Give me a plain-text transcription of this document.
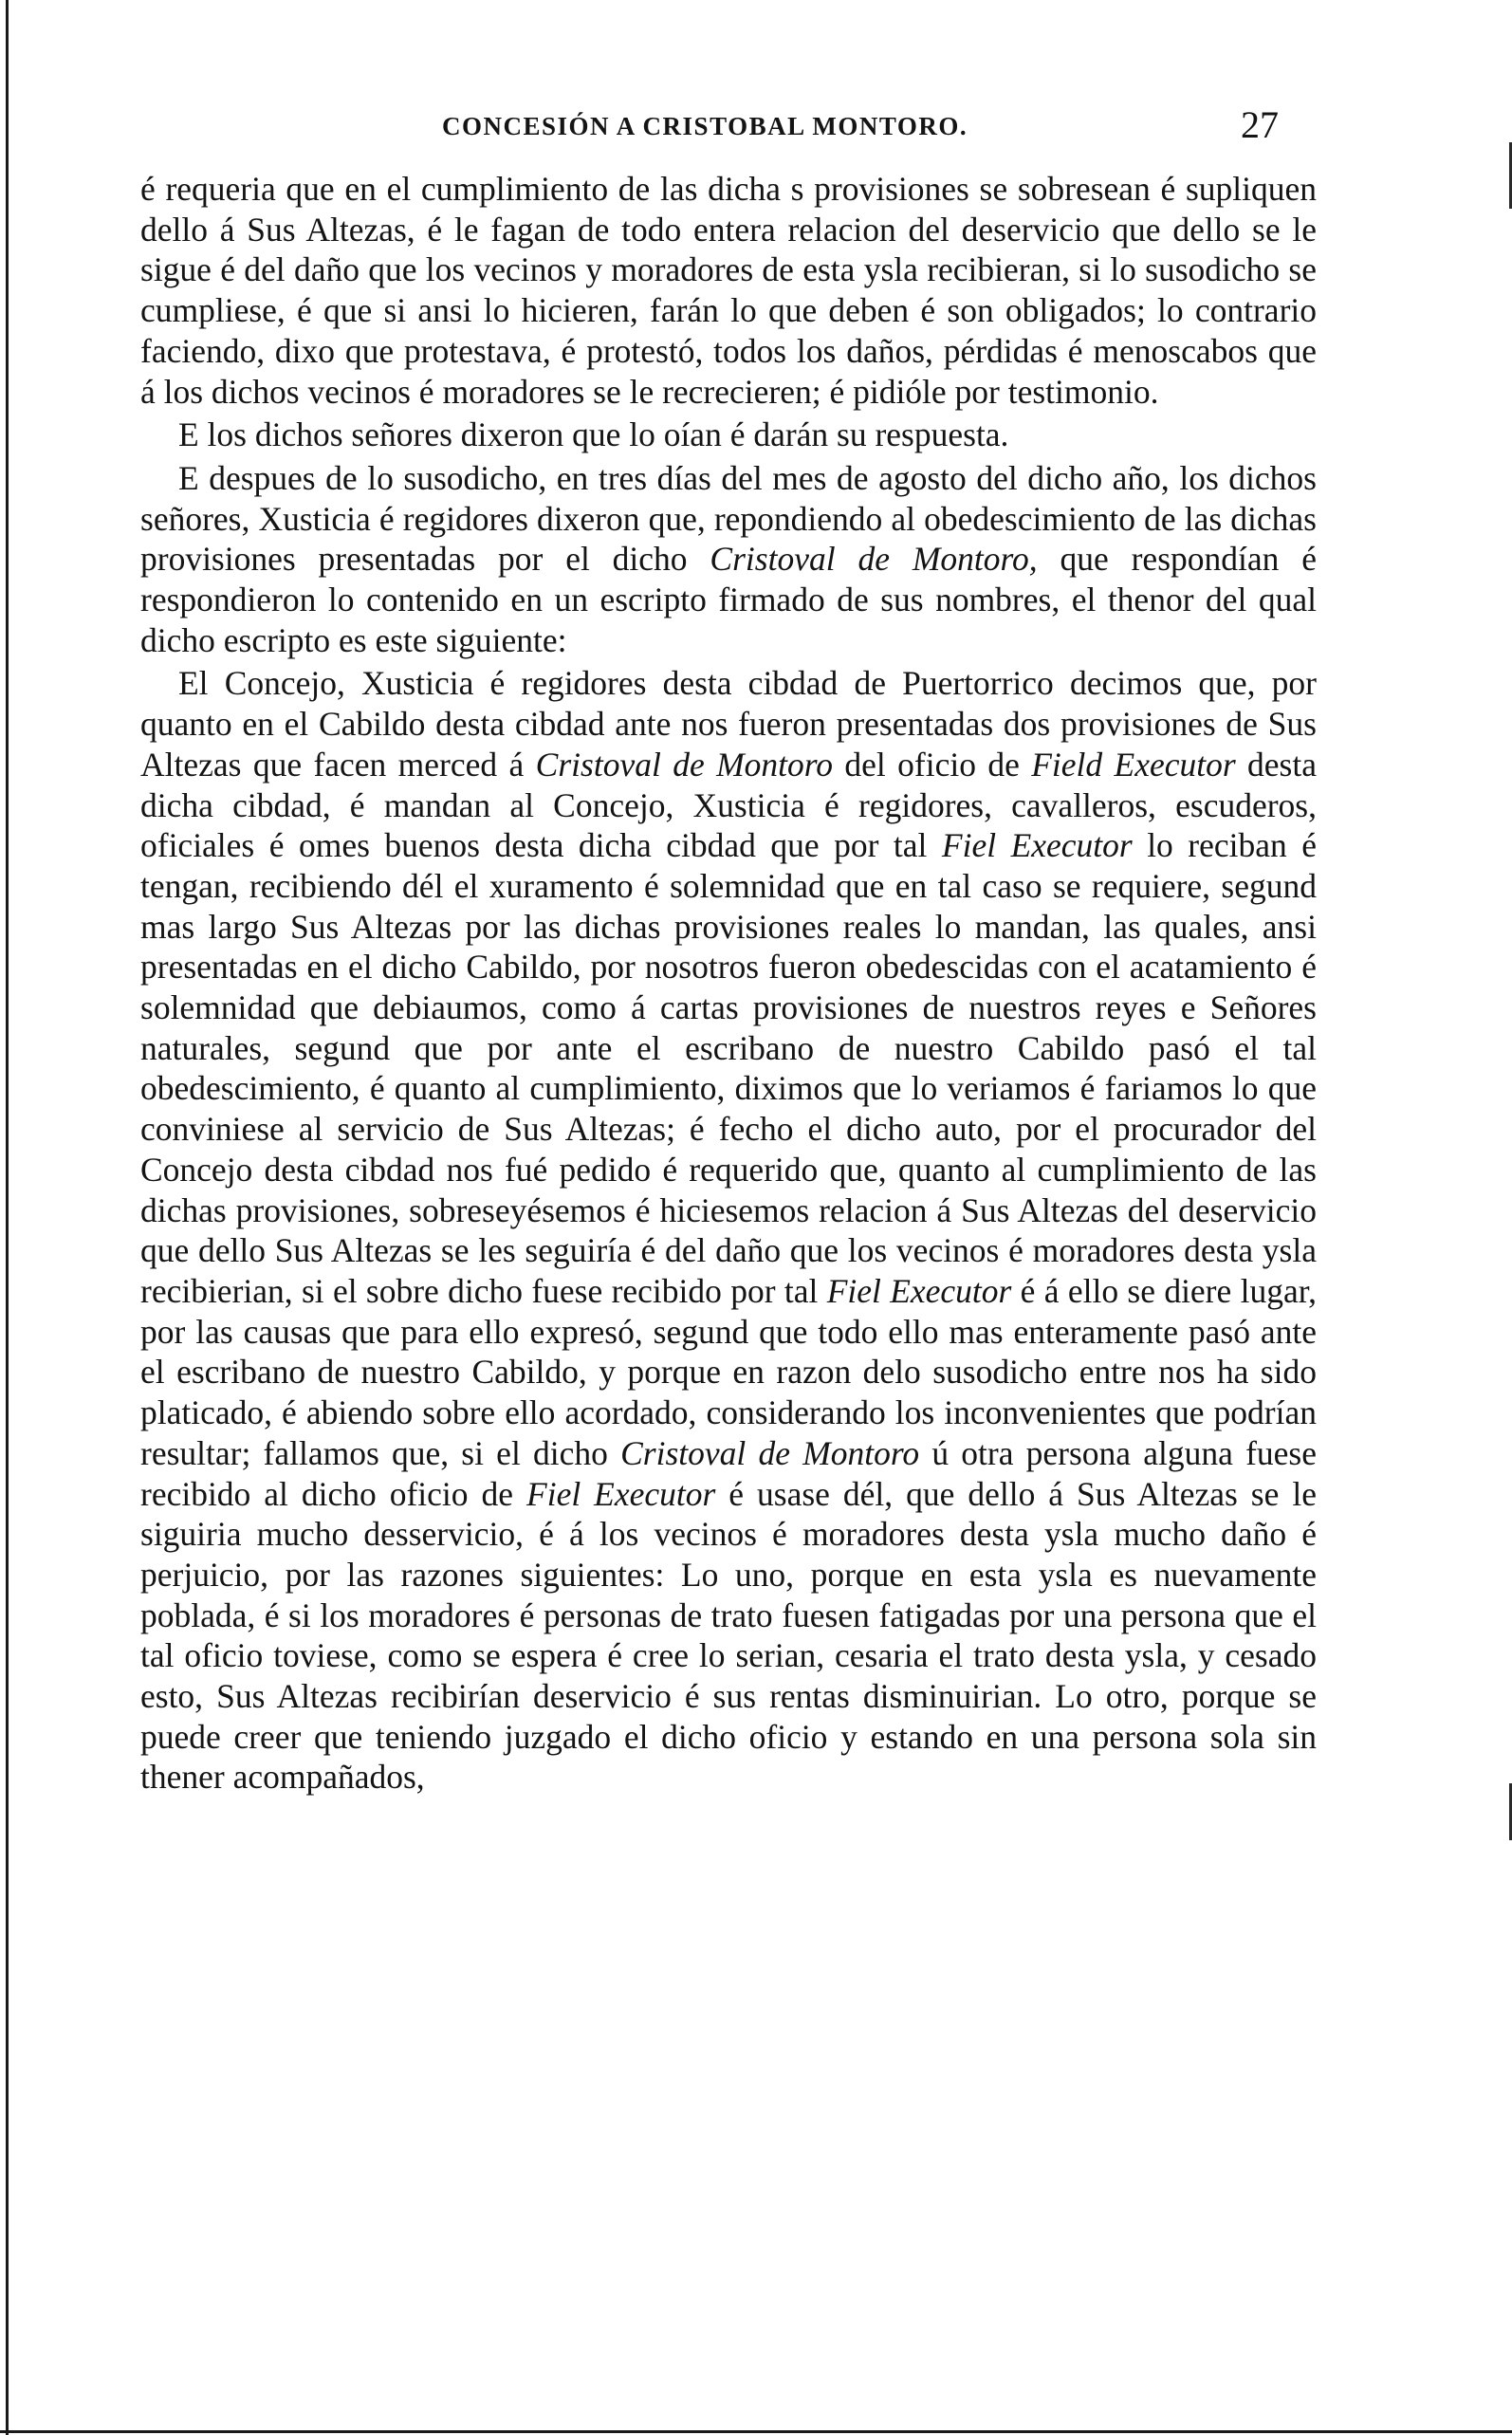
CONCESIÓN A CRISTOBAL MONTORO.	27

é requeria que en el cumplimiento de las dicha s provisiones se sobresean é supliquen dello á Sus Altezas, é le fagan de todo entera relacion del deservicio que dello se le sigue é del daño que los vecinos y moradores de esta ysla recibieran, si lo susodicho se cumpliese, é que si ansi lo hicieren, farán lo que deben é son obligados; lo contrario faciendo, dixo que protestava, é protestó, todos los daños, pérdidas é menoscabos que á los dichos vecinos é moradores se le recrecieren; é pidióle por testimonio.

E los dichos señores dixeron que lo oían é darán su respuesta.

E despues de lo susodicho, en tres días del mes de agosto del dicho año, los dichos señores, Xusticia é regidores dixeron que, repondiendo al obedescimiento de las dichas provisiones presentadas por el dicho Cristoval de Montoro, que respondían é respondieron lo contenido en un escripto firmado de sus nombres, el thenor del qual dicho escripto es este siguiente:

El Concejo, Xusticia é regidores desta cibdad de Puertorrico decimos que, por quanto en el Cabildo desta cibdad ante nos fueron presentadas dos provisiones de Sus Altezas que facen merced á Cristoval de Montoro del oficio de Field Executor desta dicha cibdad, é mandan al Concejo, Xusticia é regidores, cavalleros, escuderos, oficiales é omes buenos desta dicha cibdad que por tal Fiel Executor lo reciban é tengan, recibiendo dél el xuramento é solemnidad que en tal caso se requiere, segund mas largo Sus Altezas por las dichas provisiones reales lo mandan, las quales, ansi presentadas en el dicho Cabildo, por nosotros fueron obedescidas con el acatamiento é solemnidad que debiaumos, como á cartas provisiones de nuestros reyes e Señores naturales, segund que por ante el escribano de nuestro Cabildo pasó el tal obedescimiento, é quanto al cumplimiento, diximos que lo veriamos é fariamos lo que conviniese al servicio de Sus Altezas; é fecho el dicho auto, por el procurador del Concejo desta cibdad nos fué pedido é requerido que, quanto al cumplimiento de las dichas provisiones, sobreseyésemos é hiciesemos relacion á Sus Altezas del deservicio que dello Sus Altezas se les seguiría é del daño que los vecinos é moradores desta ysla recibierian, si el sobre dicho fuese recibido por tal Fiel Executor é á ello se diere lugar, por las causas que para ello expresó, segund que todo ello mas enteramente pasó ante el escribano de nuestro Cabildo, y porque en razon delo susodicho entre nos ha sido platicado, é abiendo sobre ello acordado, considerando los inconvenientes que podrían resultar; fallamos que, si el dicho Cristoval de Montoro ú otra persona alguna fuese recibido al dicho oficio de Fiel Executor é usase dél, que dello á Sus Altezas se le siguiria mucho desservicio, é á los vecinos é moradores desta ysla mucho daño é perjuicio, por las razones siguientes: Lo uno, porque en esta ysla es nuevamente poblada, é si los moradores é personas de trato fuesen fatigadas por una persona que el tal oficio toviese, como se espera é cree lo serian, cesaria el trato desta ysla, y cesado esto, Sus Altezas recibirían deservicio é sus rentas disminuirian. Lo otro, porque se puede creer que teniendo juzgado el dicho oficio y estando en una persona sola sin thener acompañados,
